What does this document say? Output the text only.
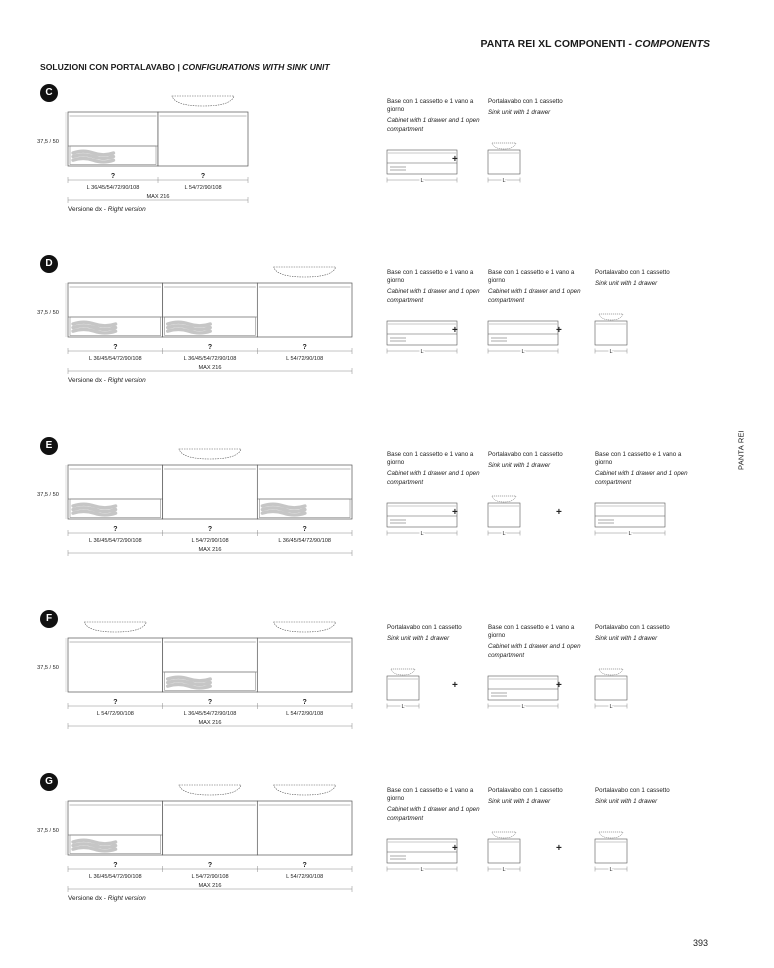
PANTA REI XL COMPONENTI - COMPONENTS
SOLUZIONI CON PORTALAVABO | CONFIGURATIONS WITH SINK UNIT
PANTA REI
393
C
37,5 / 50
?
L 36/45/54/72/90/108
?
L 54/72/90/108
MAX 216
Versione dx - Right version
Base con 1 cassetto e 1 vano a giorno
Cabinet with 1 drawer and 1 open compartment
L
+
Portalavabo con 1 cassetto
Sink unit with 1 drawer
L
D
37,5 / 50
?
L 36/45/54/72/90/108
?
L 36/45/54/72/90/108
?
L 54/72/90/108
MAX 216
Versione dx - Right version
Base con 1 cassetto e 1 vano a giorno
Cabinet with 1 drawer and 1 open compartment
L
+
Base con 1 cassetto e 1 vano a giorno
Cabinet with 1 drawer and 1 open compartment
L
+
Portalavabo con 1 cassetto
Sink unit with 1 drawer
L
E
37,5 / 50
?
L 36/45/54/72/90/108
?
L 54/72/90/108
?
L 36/45/54/72/90/108
MAX 216
Base con 1 cassetto e 1 vano a giorno
Cabinet with 1 drawer and 1 open compartment
L
+
Portalavabo con 1 cassetto
Sink unit with 1 drawer
L
+
Base con 1 cassetto e 1 vano a giorno
Cabinet with 1 drawer and 1 open compartment
L
F
37,5 / 50
?
L 54/72/90/108
?
L 36/45/54/72/90/108
?
L 54/72/90/108
MAX 216
Portalavabo con 1 cassetto
Sink unit with 1 drawer
L
+
Base con 1 cassetto e 1 vano a giorno
Cabinet with 1 drawer and 1 open compartment
L
+
Portalavabo con 1 cassetto
Sink unit with 1 drawer
L
G
37,5 / 50
?
L 36/45/54/72/90/108
?
L 54/72/90/108
?
L 54/72/90/108
MAX 216
Versione dx - Right version
Base con 1 cassetto e 1 vano a giorno
Cabinet with 1 drawer and 1 open compartment
L
+
Portalavabo con 1 cassetto
Sink unit with 1 drawer
L
+
Portalavabo con 1 cassetto
Sink unit with 1 drawer
L
